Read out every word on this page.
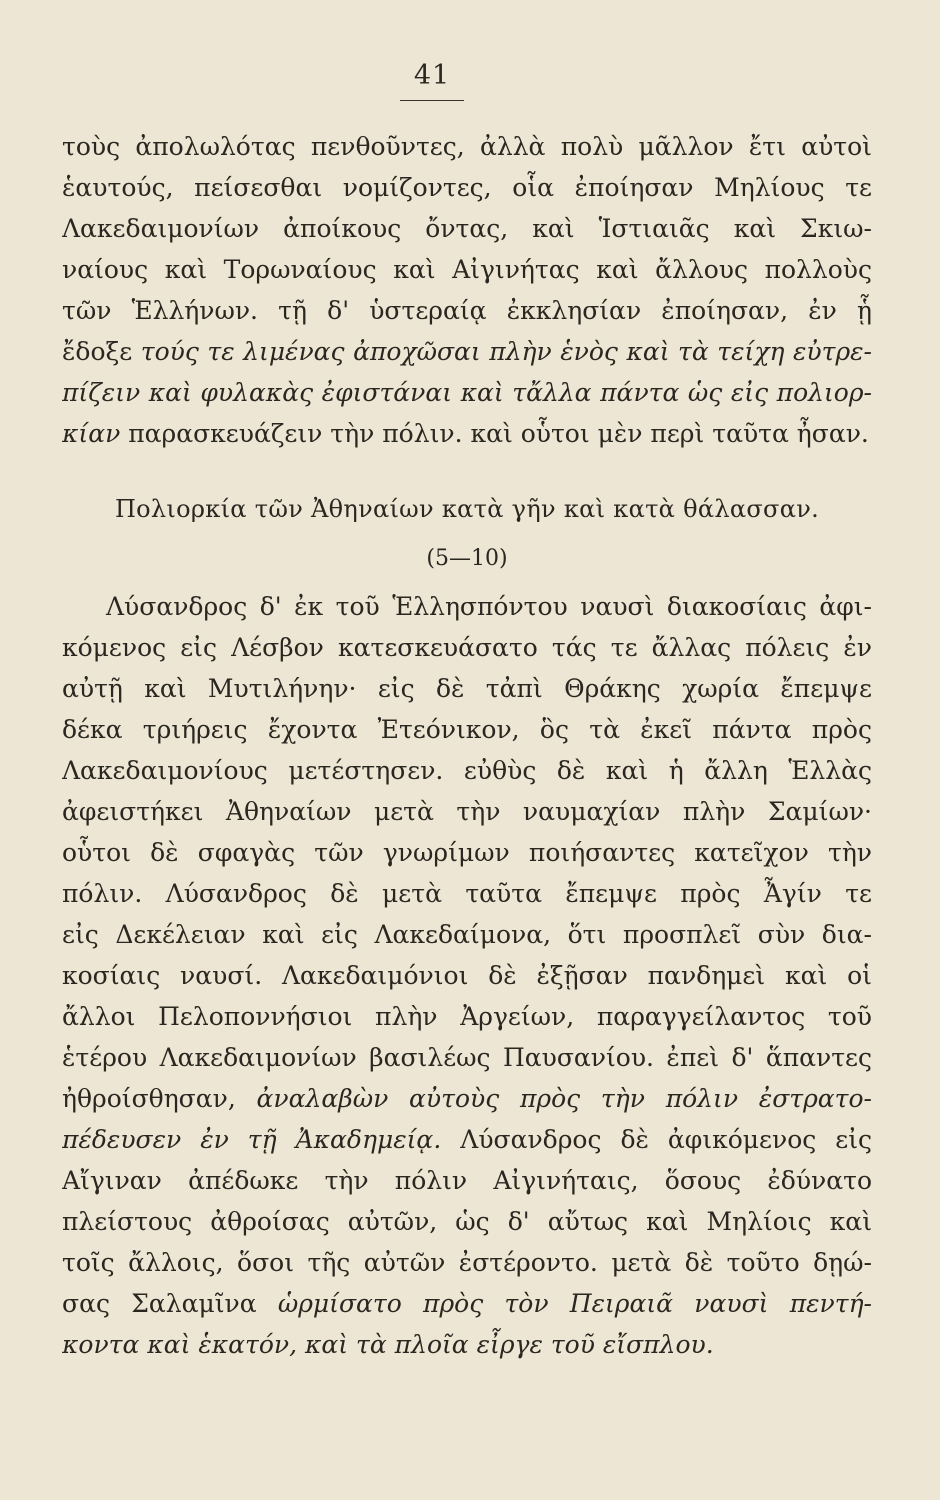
41
τοὺς ἀπολωλότας πενθοῦντες, ἀλλὰ πολὺ μᾶλλον ἔτι αὐτοὶ
ἑαυτούς, πείσεσθαι νομίζοντες, οἷα ἐποίησαν Μηλίους τε
Λακεδαιμονίων ἀποίκους ὄντας, καὶ Ἱστιαιᾶς καὶ Σκιω-
ναίους καὶ Τορωναίους καὶ Αἰγινήτας καὶ ἄλλους πολλοὺς
τῶν Ἑλλήνων. τῇ δ' ὑστεραίᾳ ἐκκλησίαν ἐποίησαν, ἐν ᾗ
ἔδοξε τούς τε λιμένας ἀποχῶσαι πλὴν ἑνὸς καὶ τὰ τείχη εὐτρε-
πίζειν καὶ φυλακὰς ἐφιστάναι καὶ τἄλλα πάντα ὡς εἰς πολιορ-
κίαν παρασκευάζειν τὴν πόλιν. καὶ οὗτοι μὲν περὶ ταῦτα ἦσαν.
Πολιορκία τῶν Ἀθηναίων κατὰ γῆν καὶ κατὰ θάλασσαν.
(5—10)
Λύσανδρος δ' ἐκ τοῦ Ἑλλησπόντου ναυσὶ διακοσίαις ἀφι-
κόμενος εἰς Λέσβον κατεσκευάσατο τάς τε ἄλλας πόλεις ἐν
αὐτῇ καὶ Μυτιλήνην· εἰς δὲ τἀπὶ Θράκης χωρία ἔπεμψε
δέκα τριήρεις ἔχοντα Ἐτεόνικον, ὃς τὰ ἐκεῖ πάντα πρὸς
Λακεδαιμονίους μετέστησεν. εὐθὺς δὲ καὶ ἡ ἄλλη Ἑλλὰς
ἀφειστήκει Ἀθηναίων μετὰ τὴν ναυμαχίαν πλὴν Σαμίων·
οὗτοι δὲ σφαγὰς τῶν γνωρίμων ποιήσαντες κατεῖχον τὴν
πόλιν. Λύσανδρος δὲ μετὰ ταῦτα ἔπεμψε πρὸς Ἆγίν τε
εἰς Δεκέλειαν καὶ εἰς Λακεδαίμονα, ὅτι προσπλεῖ σὺν δια-
κοσίαις ναυσί. Λακεδαιμόνιοι δὲ ἐξῇσαν πανδημεὶ καὶ οἱ
ἄλλοι Πελοποννήσιοι πλὴν Ἀργείων, παραγγείλαντος τοῦ
ἑτέρου Λακεδαιμονίων βασιλέως Παυσανίου. ἐπεὶ δ' ἅπαντες
ἠθροίσθησαν, ἀναλαβὼν αὐτοὺς πρὸς τὴν πόλιν ἐστρατο-
πέδευσεν ἐν τῇ Ἀκαδημείᾳ. Λύσανδρος δὲ ἀφικόμενος εἰς
Αἴγιναν ἀπέδωκε τὴν πόλιν Αἰγινήταις, ὅσους ἐδύνατο
πλείστους ἀθροίσας αὐτῶν, ὡς δ' αὔτως καὶ Μηλίοις καὶ
τοῖς ἄλλοις, ὅσοι τῆς αὐτῶν ἐστέροντο. μετὰ δὲ τοῦτο δῃώ-
σας Σαλαμῖνα ὡρμίσατο πρὸς τὸν Πειραιᾶ ναυσὶ πεντή-
κοντα καὶ ἑκατόν, καὶ τὰ πλοῖα εἶργε τοῦ εἴσπλου.
